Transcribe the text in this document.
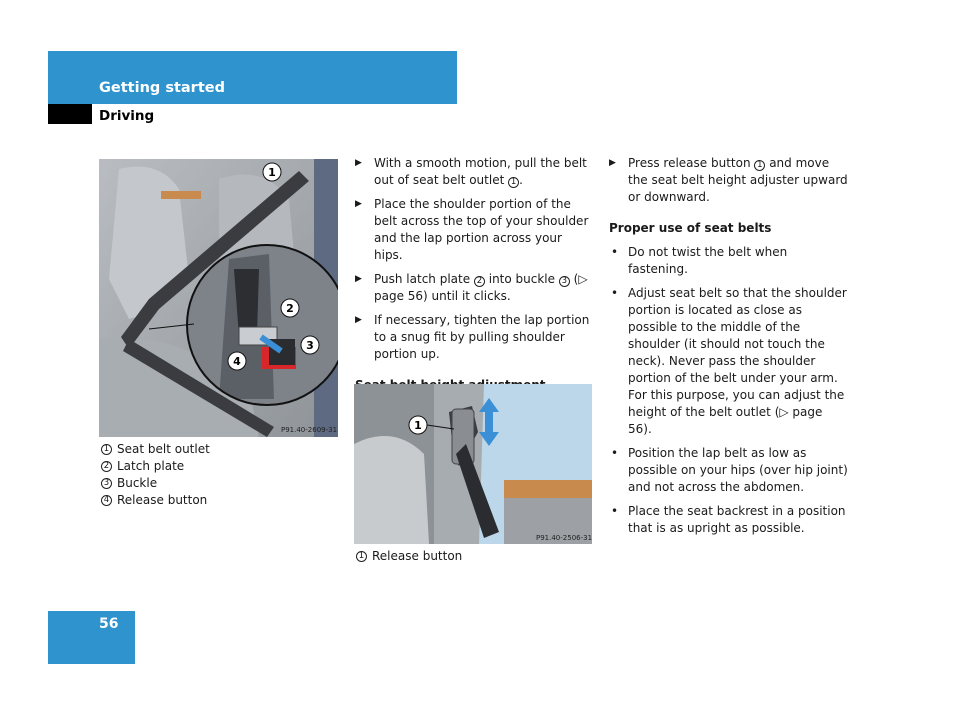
Getting started
Driving
1
2
3
4
P91.40-2609-31
1 Seat belt outlet
2 Latch plate
3 Buckle
4 Release button
▶ With a smooth motion, pull the belt out of seat belt outlet 1 .
▶ Place the shoulder portion of the belt across the top of your shoulder and the lap portion across your hips.
▶ Push latch plate 2 into buckle 3 (▷ page 56) until it clicks.
▶ If necessary, tighten the lap portion to a snug fit by pulling shoulder portion up.
1
P91.40-2506-31
1 Release button
▶ Press release button 1 and move the seat belt height adjuster upward or downward.
Proper use of seat belts
• Do not twist the belt when fastening.
• Adjust seat belt so that the shoulder portion is located as close as possible to the middle of the shoulder (it should not touch the neck). Never pass the shoulder portion of the belt under your arm. For this purpose, you can adjust the height of the belt outlet (▷ page 56).
• Position the lap belt as low as possible on your hips (over hip joint) and not across the abdomen.
• Place the seat backrest in a position that is as upright as possible.
56
